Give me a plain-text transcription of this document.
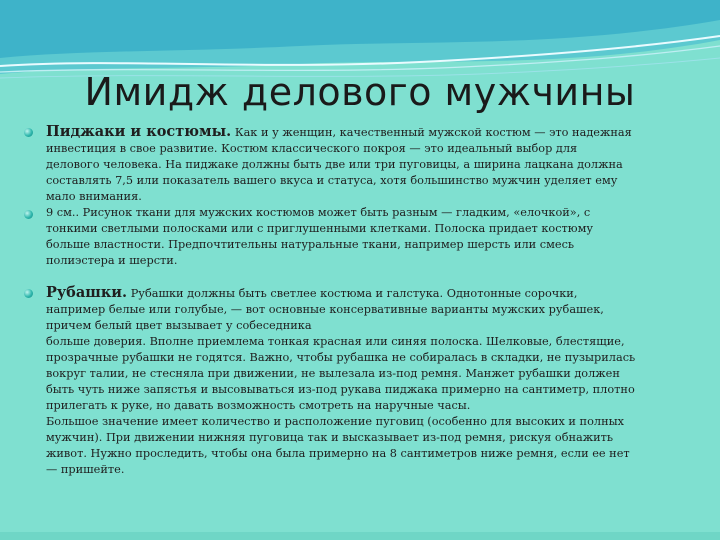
Имидж делового мужчины
Пиджаки и костюмы. Как и у женщин, качественный мужской костюм — это надежная
инвестиция в свое развитие. Костюм классического покроя — это идеальный выбор для
делового человека. На пиджаке должны быть две или три пуговицы, а ширина лацкана должна
составлять 7,5 или показатель вашего вкуса и статуса, хотя большинство мужчин уделяет ему
мало внимания.
9 см.. Рисунок ткани для мужских костюмов может быть разным — гладким, «елочкой», с
тонкими светлыми полосками или с приглушенными клетками. Полоска придает костюму
больше властности. Предпочтительны натуральные ткани, например шерсть или смесь
полиэстера и шерсти.
Рубашки. Рубашки должны быть светлее костюма и галстука. Однотонные сорочки,
например белые или голубые, — вот основные консервативные варианты мужских рубашек,
причем белый цвет вызывает у собеседника
больше доверия. Вполне приемлема тонкая красная или синяя полоска. Шелковые, блестящие,
прозрачные рубашки не годятся. Важно, чтобы рубашка не собиралась в складки, не пузырилась
вокруг талии, не стесняла при движении, не вылезала из-под ремня. Манжет рубашки должен
быть чуть ниже запястья и высовываться из-под рукава пиджака примерно на сантиметр, плотно
прилегать к руке, но давать возможность смотреть на наручные часы.
Большое значение имеет количество и расположение пуговиц (особенно для высоких и полных
мужчин). При движении нижняя пуговица так и высказывает из-под ремня, рискуя обнажить
живот. Нужно проследить, чтобы она была примерно на 8 сантиметров ниже ремня, если ее нет
— пришейте.
